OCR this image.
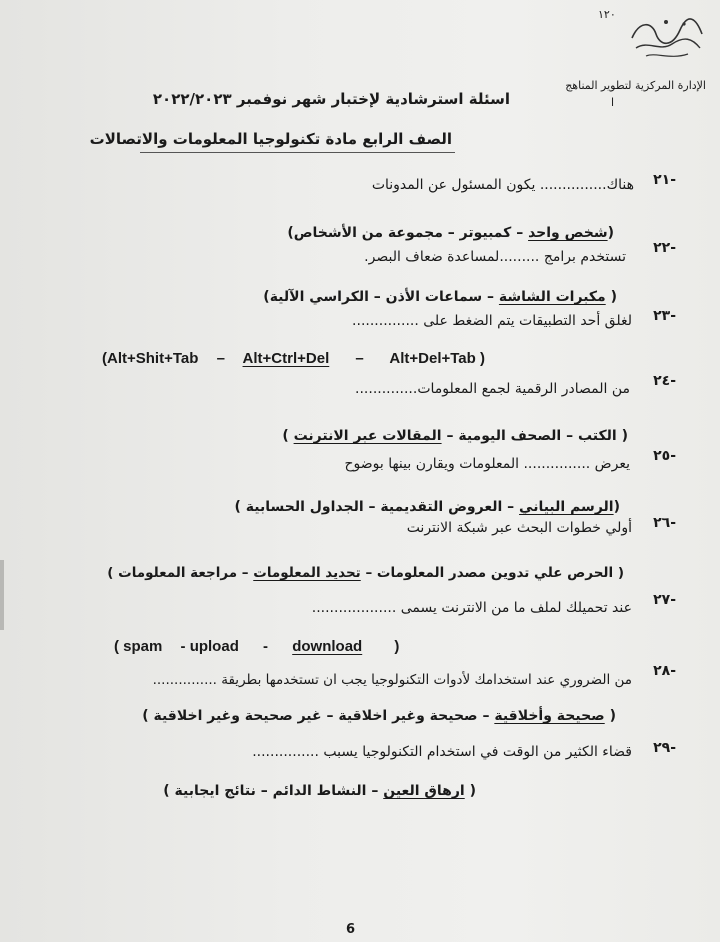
١٢٠
الإدارة المركزية لتطوير المناهج
ا
اسئلة استرشادية لإختبار شهر نوفمبر ٢٠٢٢/٢٠٢٣
الصف الرابع مادة تكنولوجيا المعلومات والاتصالات
٢١-
هناك............... يكون المسئول عن المدونات
(شخص واحد – كمبيوتر – مجموعة من الأشخاص)
٢٢-
تستخدم برامج .........لمساعدة ضعاف البصر.
( مكبرات الشاشة – سماعات الأذن – الكراسي الآلية)
٢٣-
لغلق أحد التطبيقات يتم الضغط على ...............
(Alt+Shit+Tab – Alt+Ctrl+Del – Alt+Del+Tab )
٢٤-
من المصادر الرقمية لجمع المعلومات..............
( الكتب – الصحف اليومية – المقالات عبر الانترنت )
٢٥-
يعرض ............... المعلومات ويقارن بينها بوضوح
(الرسم البياني – العروض التقديمية – الجداول الحسابية )
٢٦-
أولي خطوات البحث عبر شبكة الانترنت
( الحرص علي تدوين مصدر المعلومات – تحديد المعلومات – مراجعة المعلومات )
٢٧-
عند تحميلك لملف ما من الانترنت يسمى ...................
( spam - upload - download )
٢٨-
من الضروري عند استخدامك لأدوات التكنولوجيا يجب ان تستخدمها بطريقة ...............
( صحيحة وأخلاقية – صحيحة وغير اخلاقية – غير صحيحة وغير اخلاقية )
٢٩-
قضاء الكثير من الوقت في استخدام التكنولوجيا يسبب ...............
( ارهاق العين – النشاط الدائم – نتائج ايجابية )
6
